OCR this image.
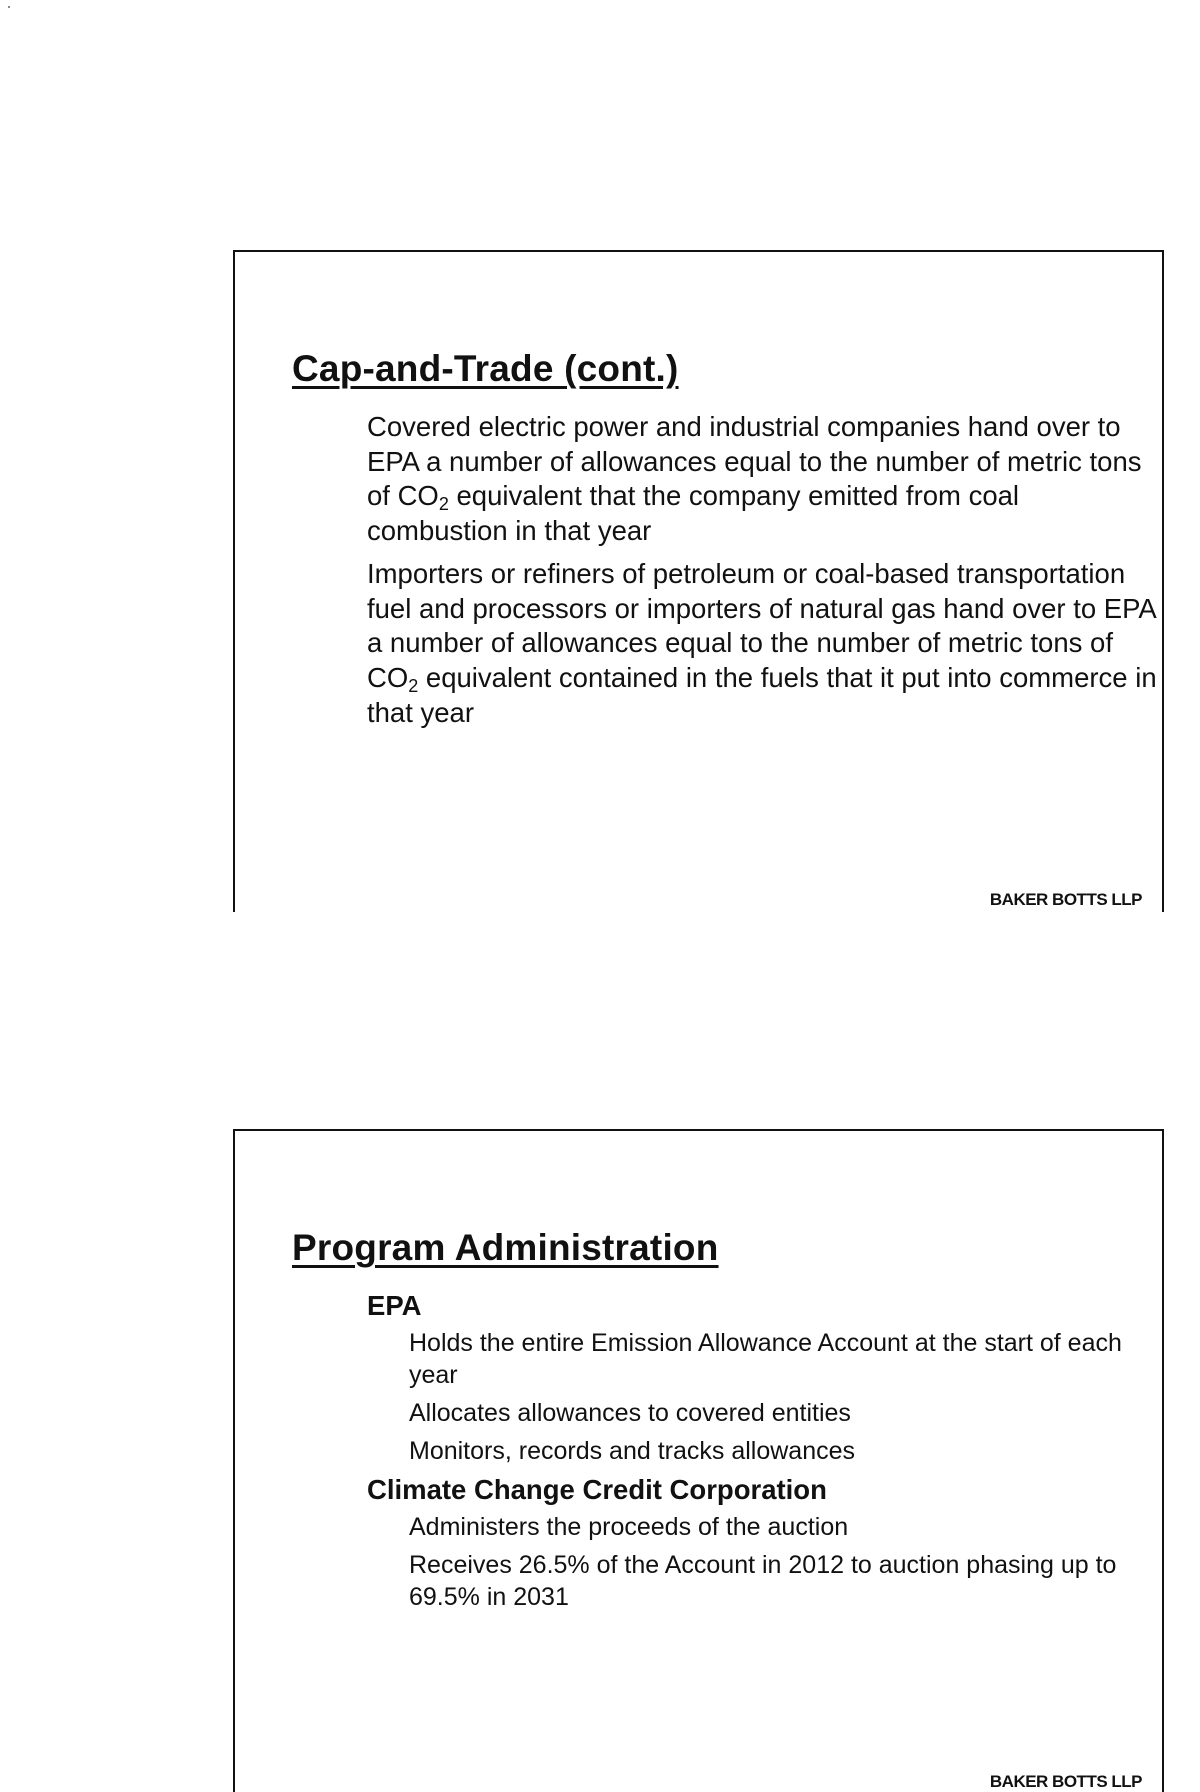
Cap-and-Trade (cont.)

Covered electric power and industrial companies hand over to EPA a number of allowances equal to the number of metric tons of $CO_2$ equivalent that the company emitted from coal combustion in that year

Importers or refiners of petroleum or coal-based transportation fuel and processors or importers of natural gas hand over to EPA a number of allowances equal to the number of metric tons of $CO_2$ equivalent contained in the fuels that it put into commerce in that year

BAKER BOTTS LLP
Program Administration
EPA
Holds the entire Emission Allowance Account at the start of each year
Allocates allowances to covered entities
Monitors, records and tracks allowances
Climate Change Credit Corporation
Administers the proceeds of the auction
Receives 26.5% of the Account in 2012 to auction phasing up to 69.5% in 2031
BAKER BOTTS LLP
